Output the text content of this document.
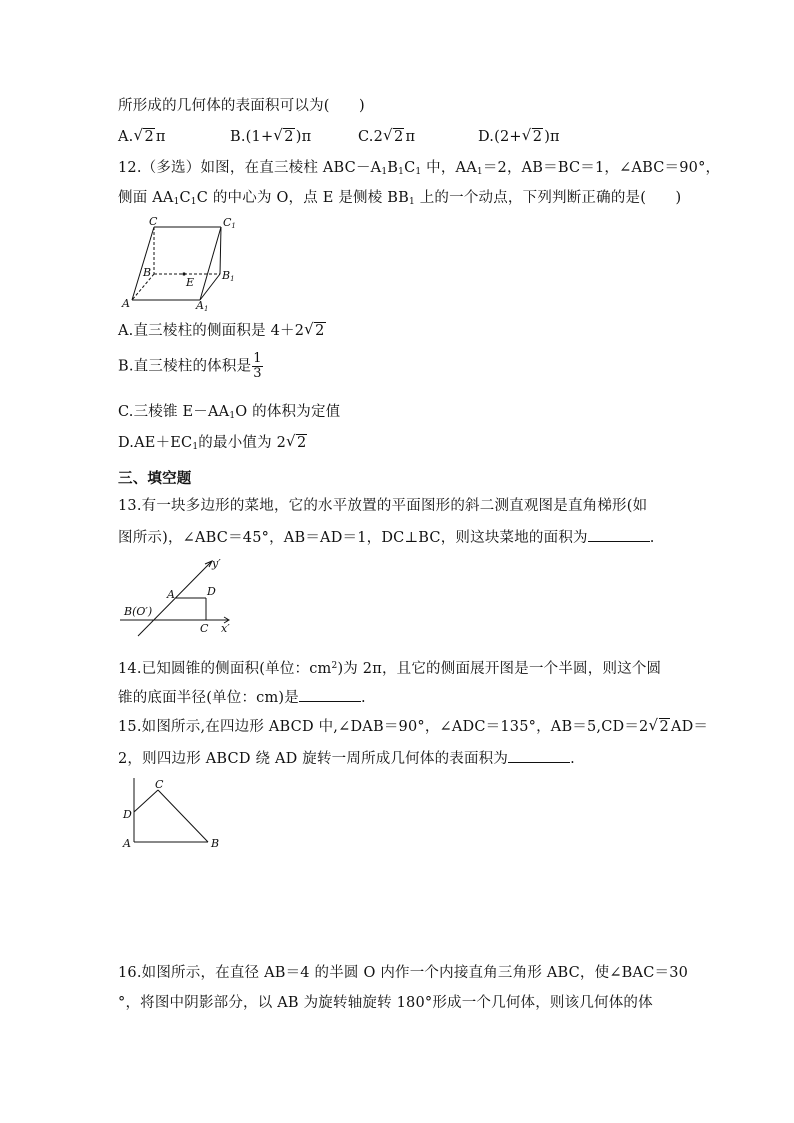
所形成的几何体的表面积可以为(　　)
A. √ 2 π	B.(1+ √ 2 )π	C.2 √ 2 π	D.(2+ √ 2 )π
12.（多选）如图，在直三棱柱 $ABC-A_1B_1C_1$ 中，$AA_1=2$，AB＝BC＝1，∠ABC＝90°，
侧面 $AA_1C_1C$ 的中心为 O，点 E 是侧棱 $BB_1$ 上的一个动点，下列判断正确的是(　　)
C	C1
B
E
B1
A	A1
A.直三棱柱的侧面积是 4＋2 √ 2
B.直三棱柱的体积是 $\frac{1}{3}$
C.三棱锥 $E-AA_1O$ 的体积为定值
$D.AE+EC_1$的最小值为 2 √ 2
三、填空题
13.有一块多边形的菜地，它的水平放置的平面图形的斜二测直观图是直角梯形(如
图所示)，∠ABC＝45°，AB＝AD＝1，DC⊥BC，则这块菜地的面积为	.
y′
A	D
B(O′)
C x′
14.已知圆锥的侧面积(单位：$cm^2$)为 2π，且它的侧面展开图是一个半圆，则这个圆
锥的底面半径(单位：cm)是	.
15.如图所示,在四边形 ABCD 中,∠DAB＝90°，∠ADC＝135°，AB＝5,CD＝2 √ 2 AD＝
2，则四边形 ABCD 绕 AD 旋转一周所成几何体的表面积为	.
C
D
A	B
16.如图所示，在直径 AB＝4 的半圆 O 内作一个内接直角三角形 ABC，使∠BAC＝30
°，将图中阴影部分，以 AB 为旋转轴旋转 180°形成一个几何体，则该几何体的体
